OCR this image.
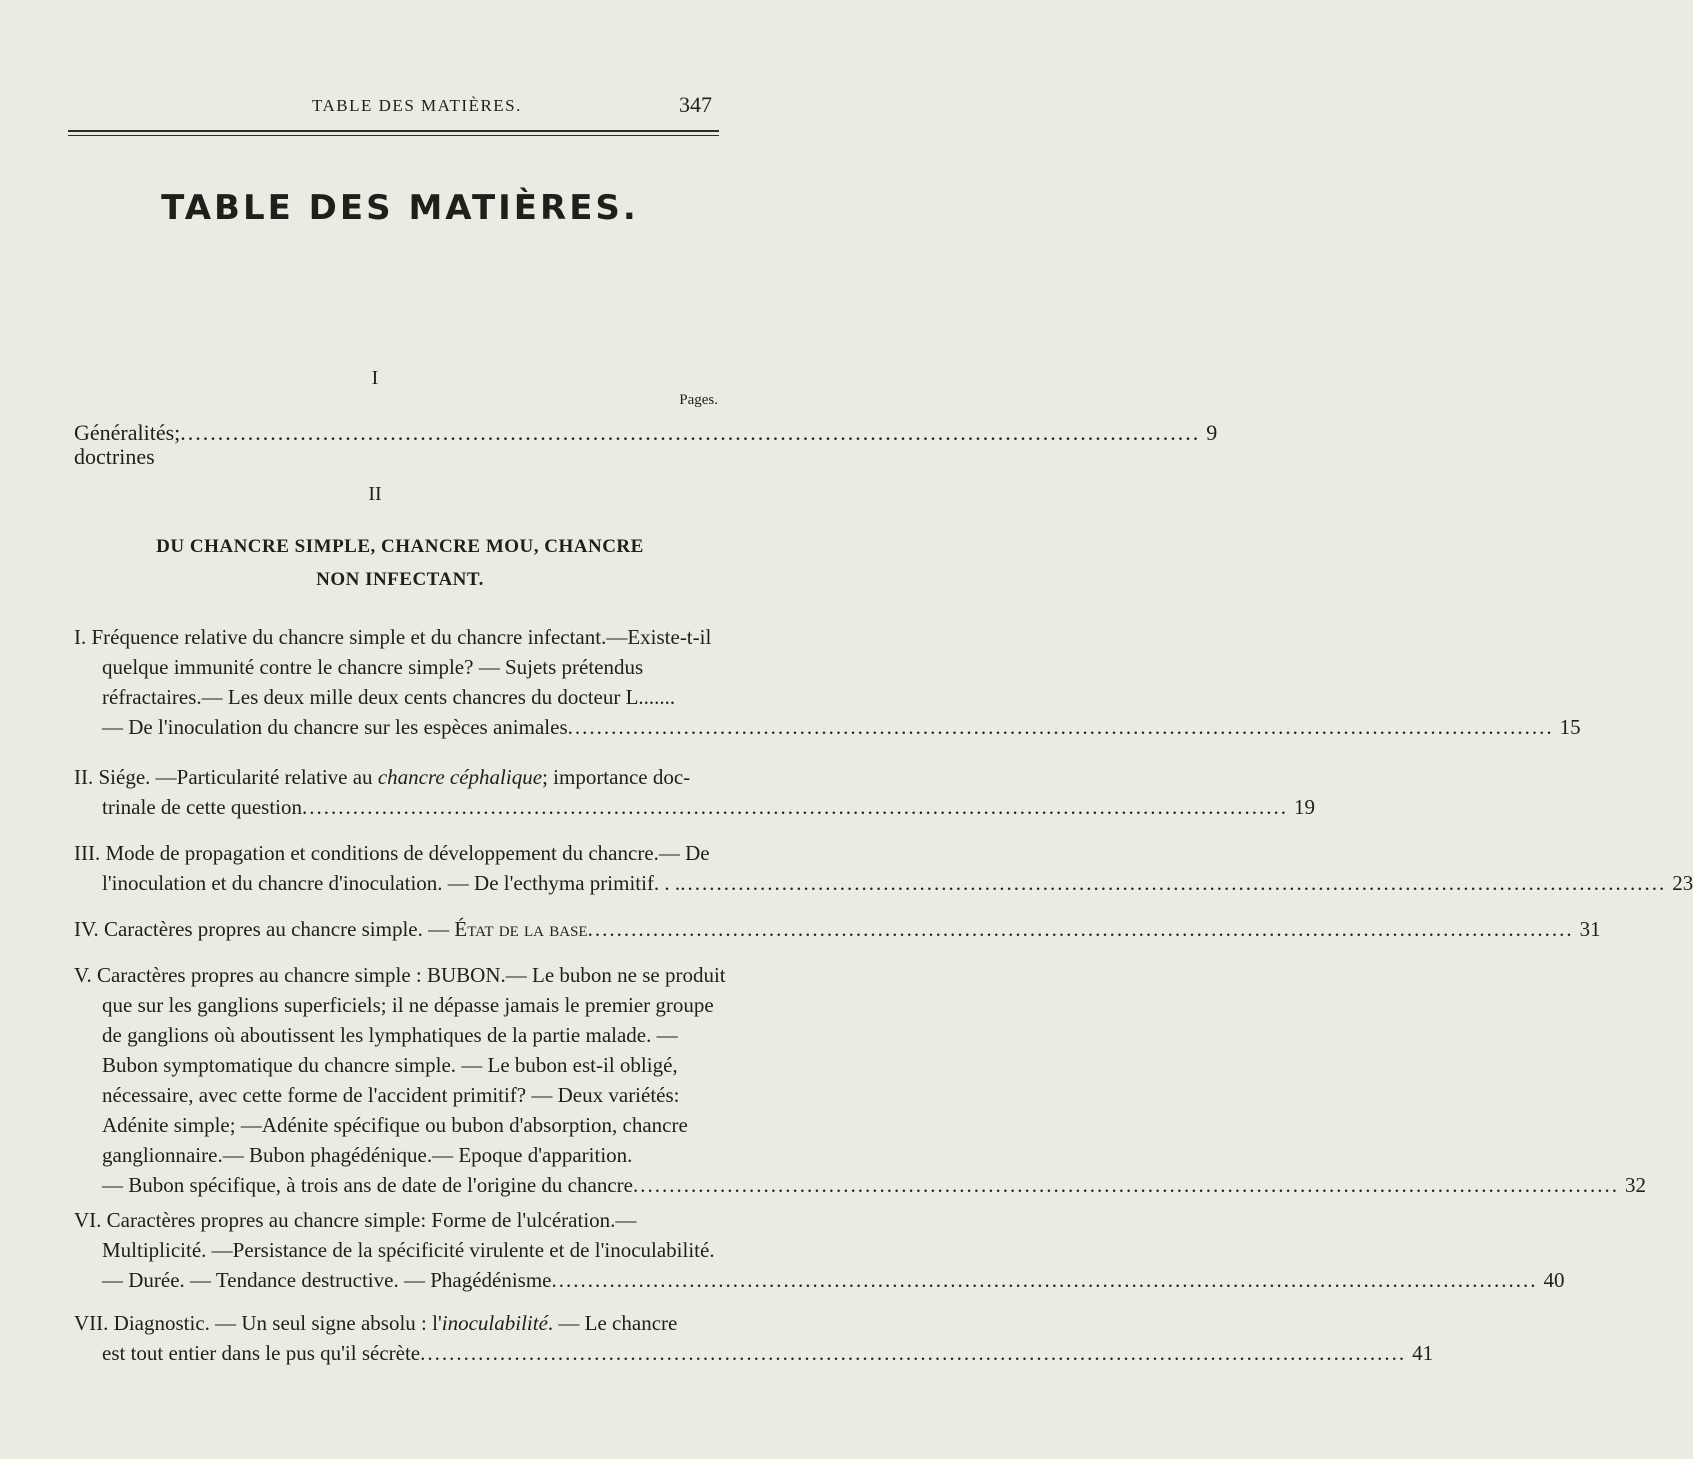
TABLE DES MATIÈRES.	347
TABLE DES MATIÈRES.
I
Pages.
Généralités; doctrines
........................................................................................................................................ 9
II
DU CHANCRE SIMPLE, CHANCRE MOU, CHANCRE NON INFECTANT.
I. Fréquence relative du chancre simple et du chancre infectant.—Existe-t-il quelque immunité contre le chancre simple? — Sujets prétendus réfractaires.— Les deux mille deux cents chancres du docteur L.......
— De l'inoculation du chancre sur les espèces animales ........................................................................................................................................ 15
II. Siége. —Particularité relative au chancre céphalique; importance doc-
trinale de cette question ........................................................................................................................................ 19
III. Mode de propagation et conditions de développement du chancre.— De
l'inoculation et du chancre d'inoculation. — De l'ecthyma primitif. . . ........................................................................................................................................ 23
IV. Caractères propres au chancre simple. — État de la base ........................................................................................................................................ 31
V. Caractères propres au chancre simple : BUBON.— Le bubon ne se produit que sur les ganglions superficiels; il ne dépasse jamais le premier groupe de ganglions où aboutissent les lymphatiques de la partie malade. — Bubon symptomatique du chancre simple. — Le bubon est-il obligé, nécessaire, avec cette forme de l'accident primitif? — Deux variétés: Adénite simple; —Adénite spécifique ou bubon d'absorption, chancre ganglionnaire.— Bubon phagédénique.— Epoque d'apparition.
— Bubon spécifique, à trois ans de date de l'origine du chancre ........................................................................................................................................ 32
VI. Caractères propres au chancre simple: Forme de l'ulcération.— Multiplicité. —Persistance de la spécificité virulente et de l'inoculabilité.
— Durée. — Tendance destructive. — Phagédénisme ........................................................................................................................................ 40
VII. Diagnostic. — Un seul signe absolu : l'inoculabilité. — Le chancre
est tout entier dans le pus qu'il sécrète ........................................................................................................................................ 41
